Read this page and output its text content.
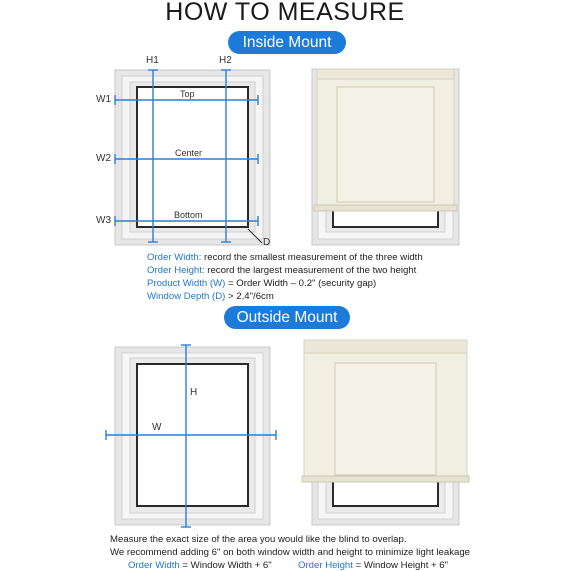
HOW TO MEASURE
Inside Mount
H1	H2
W1
W2
W3
Top
Center
Bottom
D
Order Width: record the smallest measurement of the three width
Order Height: record the largest measurement of the two height
Product Width (W) = Order Width – 0.2" (security gap)
Window Depth (D) > 2.4"/6cm
Outside Mount
H
W
Measure the exact size of the area you would like the blind to overlap.
We recommend adding 6" on both window width and height to minimize light leakage
Order Width = Window Width + 6"	Order Height = Window Height + 6"
